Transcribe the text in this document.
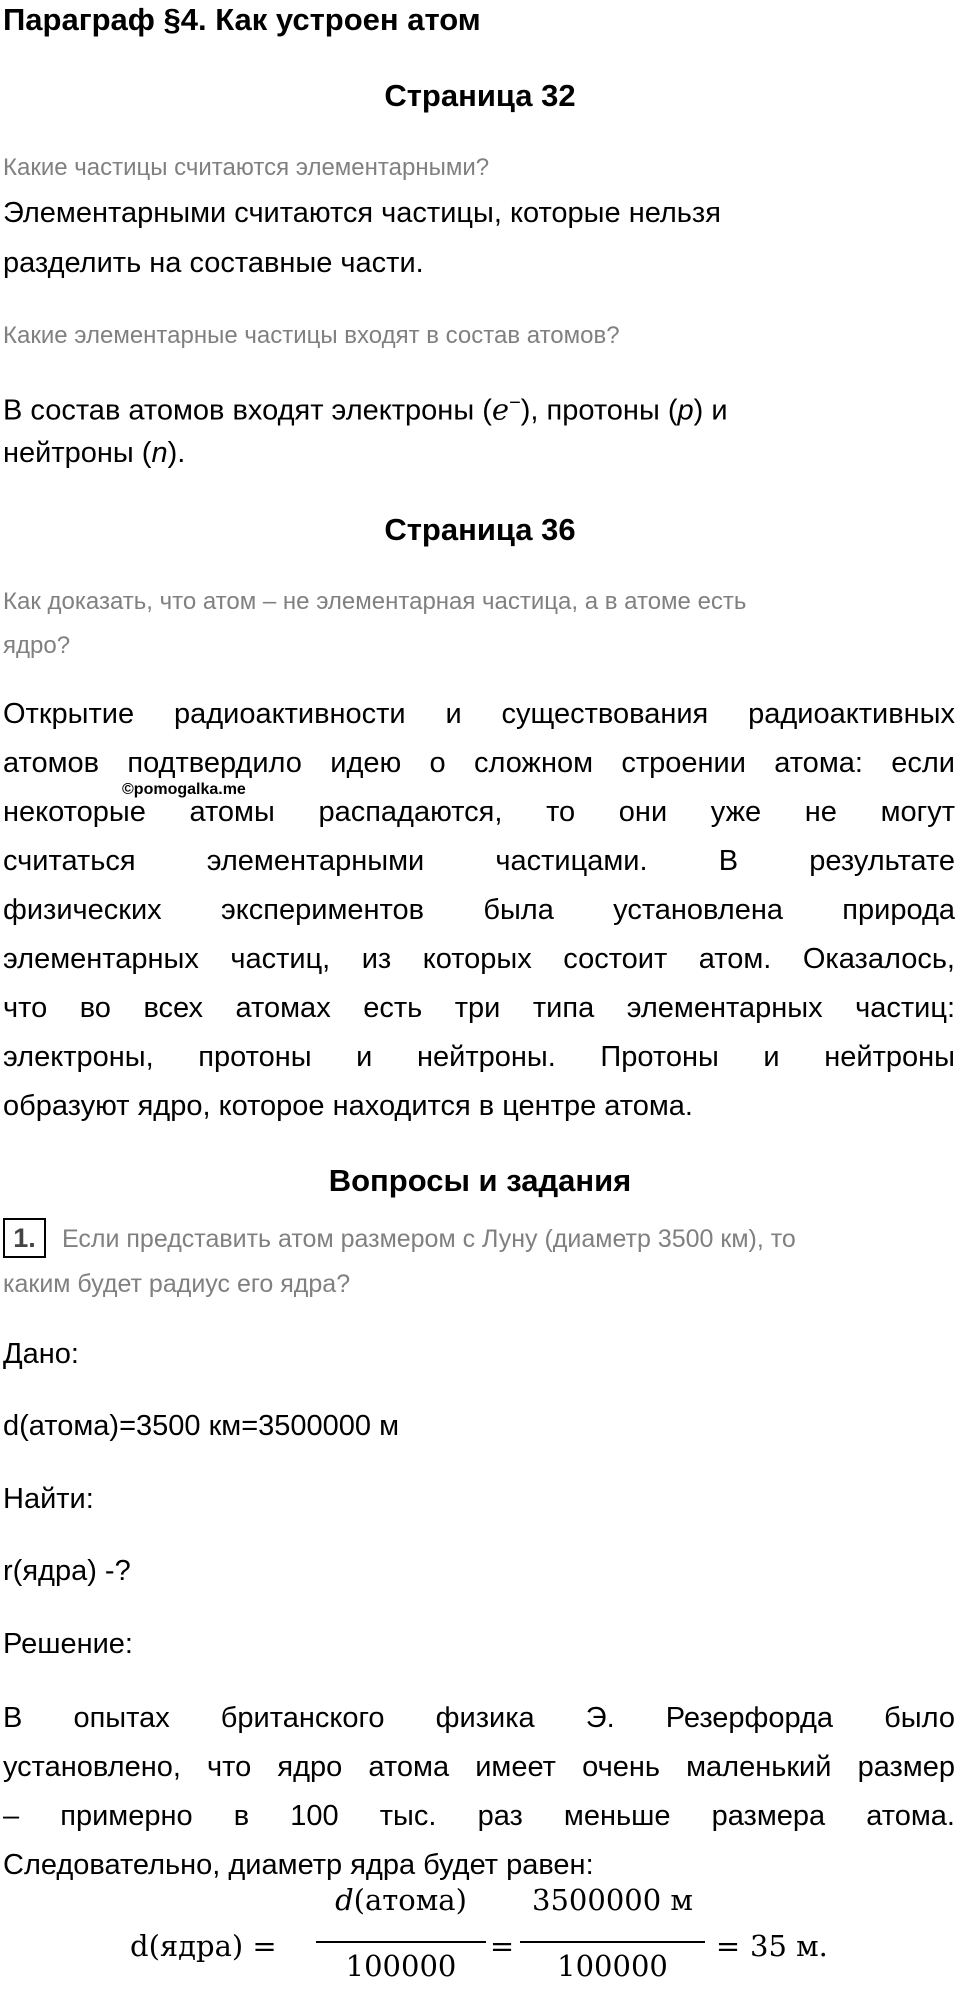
Параграф §4. Как устроен атом
Страница 32
Какие частицы считаются элементарными?
Элементарными считаются частицы, которые нельзя
разделить на составные части.
Какие элементарные частицы входят в состав атомов?
В состав атомов входят электроны (e−), протоны (p) и
нейтроны (n).
Страница 36
Как доказать, что атом – не элементарная частица, а в атоме есть
ядро?
Открытие радиоактивности и существования радиоактивных
атомов подтвердило идею о сложном строении атома: если
некоторые атомы распадаются, то они уже не могут
считаться элементарными частицами. В результате
физических экспериментов была установлена природа
элементарных частиц, из которых состоит атом. Оказалось,
что во всех атомах есть три типа элементарных частиц:
электроны, протоны и нейтроны. Протоны и нейтроны
образуют ядро, которое находится в центре атома.
©pomogalka.me
Вопросы и задания
1.	Если представить атом размером с Луну (диаметр 3500 км), то
каким будет радиус его ядра?
Дано:
d(атома)=3500 км=3500000 м
Найти:
r(ядра) -?
Решение:
В опытах британского физика Э. Резерфорда было
установлено, что ядро атома имеет очень маленький размер
– примерно в 100 тыс. раз меньше размера атома.
Следовательно, диаметр ядра будет равен:
d(ядра) =
d(атома)
100000
=
3500000 м
100000
= 35 м.
